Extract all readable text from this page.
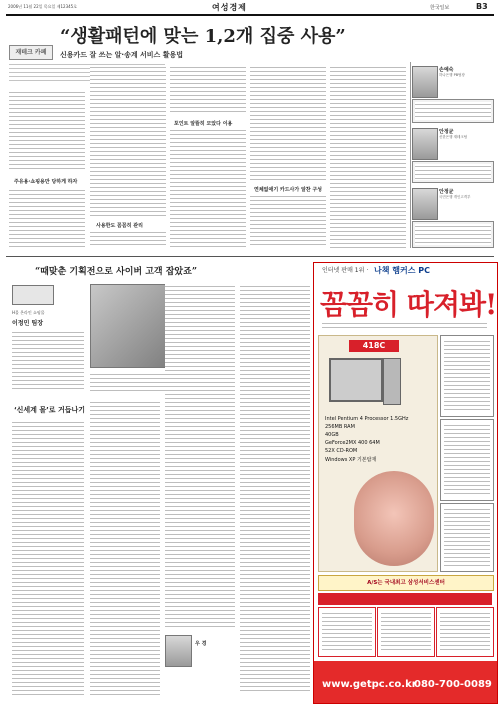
2006년 11월 22일 목요일 제12345호	여성경제	한국일보	B3
“생활패턴에 맞는 1,2개 집중 사용”
신용카드 잘 쓰는 알·송계 서비스 활용법
재테크 카페
주유용·쇼핑용만 당하게 하자
사용한도 꼼꼼히 관리
포인트 알뜰히 모았다 이용
연체없애기 카드사가 알찬 구성
손예숙
하나은행 PB팀장
안정균
신한은행 재테크팀
안정균
국민은행 개인고객부
“때맞춘 기획전으로 사이버 고객 잡았죠”
H몰 온라인 쇼핑몰
이정민 팀장
‘신세계 몰’로 거듭나기
우 경
인터넷 판매 1위 · 나책 햄커스 PC
꼼꼼히 따져봐!
418C
Intel Pentium 4 Processor 1.5GHz
256MB RAM
40GB
GeForce2MX 400 64M
52X CD-ROM
Windows XP 기본탑재
A/S는 국내최고 삼성서비스센터
www.getpc.co.kr
080-700-0089
